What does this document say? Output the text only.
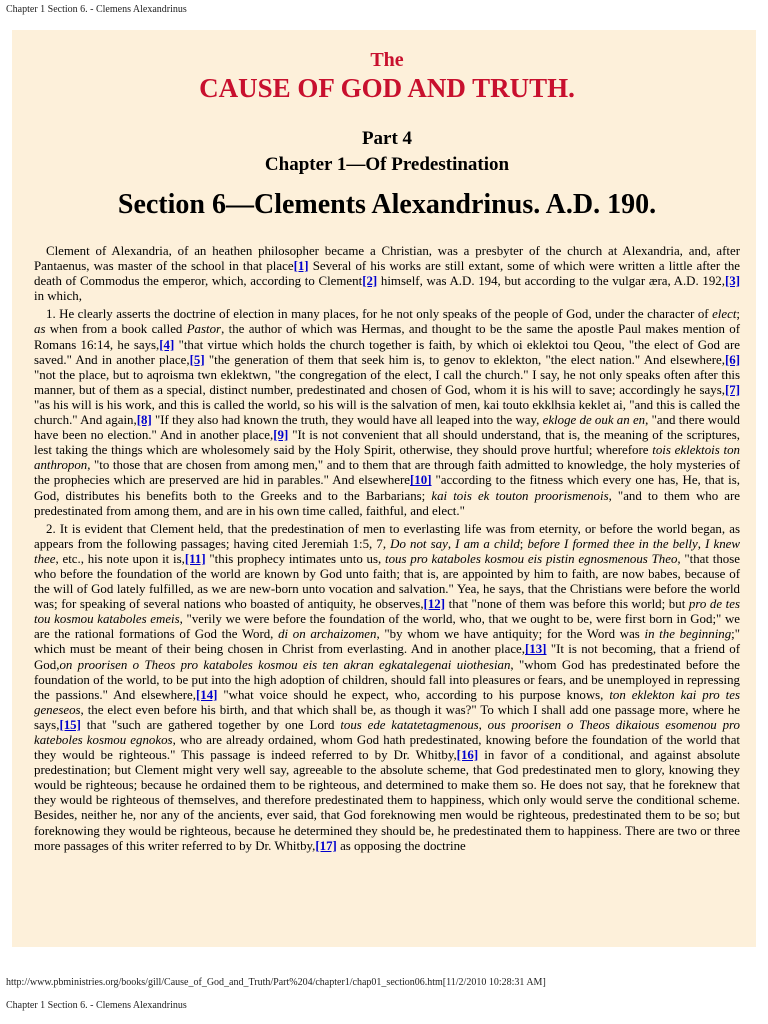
Chapter 1 Section 6. - Clemens Alexandrinus
The
CAUSE OF GOD AND TRUTH.
Part 4
Chapter 1—Of Predestination
Section 6—Clements Alexandrinus. A.D. 190.

Clement of Alexandria, of an heathen philosopher became a Christian, was a presbyter of the church at Alexandria, and, after Pantaenus, was master of the school in that place[1] Several of his works are still extant, some of which were written a little after the death of Commodus the emperor, which, according to Clement[2] himself, was A.D. 194, but according to the vulgar æra, A.D. 192,[3] in which,

1. He clearly asserts the doctrine of election in many places, for he not only speaks of the people of God, under the character of elect; as when from a book called Pastor, the author of which was Hermas, and thought to be the same the apostle Paul makes mention of Romans 16:14, he says,[4] "that virtue which holds the church together is faith, by which oi eklektoi tou Qeou, "the elect of God are saved." And in another place,[5] "the generation of them that seek him is, to genov to eklekton, "the elect nation." And elsewhere,[6] "not the place, but to aqroisma twn eklektwn, "the congregation of the elect, I call the church." I say, he not only speaks often after this manner, but of them as a special, distinct number, predestinated and chosen of God, whom it is his will to save; accordingly he says,[7] "as his will is his work, and this is called the world, so his will is the salvation of men, kai touto ekklhsia keklet ai, "and this is called the church." And again,[8] "If they also had known the truth, they would have all leaped into the way, ekloge de ouk an en, "and there would have been no election." And in another place,[9] "It is not convenient that all should understand, that is, the meaning of the scriptures, lest taking the things which are wholesomely said by the Holy Spirit, otherwise, they should prove hurtful; wherefore tois eklektois ton anthropon, "to those that are chosen from among men," and to them that are through faith admitted to knowledge, the holy mysteries of the prophecies which are preserved are hid in parables." And elsewhere[10] "according to the fitness which every one has, He, that is, God, distributes his benefits both to the Greeks and to the Barbarians; kai tois ek touton proorismenois, "and to them who are predestinated from among them, and are in his own time called, faithful, and elect."

2. It is evident that Clement held, that the predestination of men to everlasting life was from eternity, or before the world began, as appears from the following passages; having cited Jeremiah 1:5, 7, Do not say, I am a child; before I formed thee in the belly, I knew thee, etc., his note upon it is,[11] "this prophecy intimates unto us, tous pro kataboles kosmou eis pistin egnosmenous Theo, "that those who before the foundation of the world are known by God unto faith; that is, are appointed by him to faith, are now babes, because of the will of God lately fulfilled, as we are new-born unto vocation and salvation." Yea, he says, that the Christians were before the world was; for speaking of several nations who boasted of antiquity, he observes,[12] that "none of them was before this world; but pro de tes tou kosmou kataboles emeis, "verily we were before the foundation of the world, who, that we ought to be, were first born in God;" we are the rational formations of God the Word, di on archaizomen, "by whom we have antiquity; for the Word was in the beginning;" which must be meant of their being chosen in Christ from everlasting. And in another place,[13] "It is not becoming, that a friend of God,on proorisen o Theos pro kataboles kosmou eis ten akran egkatalegenai uiothesian, "whom God has predestinated before the foundation of the world, to be put into the high adoption of children, should fall into pleasures or fears, and be unemployed in repressing the passions." And elsewhere,[14] "what voice should he expect, who, according to his purpose knows, ton eklekton kai pro tes geneseos, the elect even before his birth, and that which shall be, as though it was?" To which I shall add one passage more, where he says,[15] that "such are gathered together by one Lord tous ede katatetagmenous, ous proorisen o Theos dikaious esomenou pro kateboles kosmou egnokos, who are already ordained, whom God hath predestinated, knowing before the foundation of the world that they would be righteous." This passage is indeed referred to by Dr. Whitby,[16] in favor of a conditional, and against absolute predestination; but Clement might very well say, agreeable to the absolute scheme, that God predestinated men to glory, knowing they would be righteous; because he ordained them to be righteous, and determined to make them so. He does not say, that he foreknew that they would be righteous of themselves, and therefore predestinated them to happiness, which only would serve the conditional scheme. Besides, neither he, nor any of the ancients, ever said, that God foreknowing men would be righteous, predestinated them to be so; but foreknowing they would be righteous, because he determined they should be, he predestinated them to happiness. There are two or three more passages of this writer referred to by Dr. Whitby,[17] as opposing the doctrine

http://www.pbministries.org/books/gill/Cause_of_God_and_Truth/Part%204/chapter1/chap01_section06.htm[11/2/2010 10:28:31 AM]
Chapter 1 Section 6. - Clemens Alexandrinus
